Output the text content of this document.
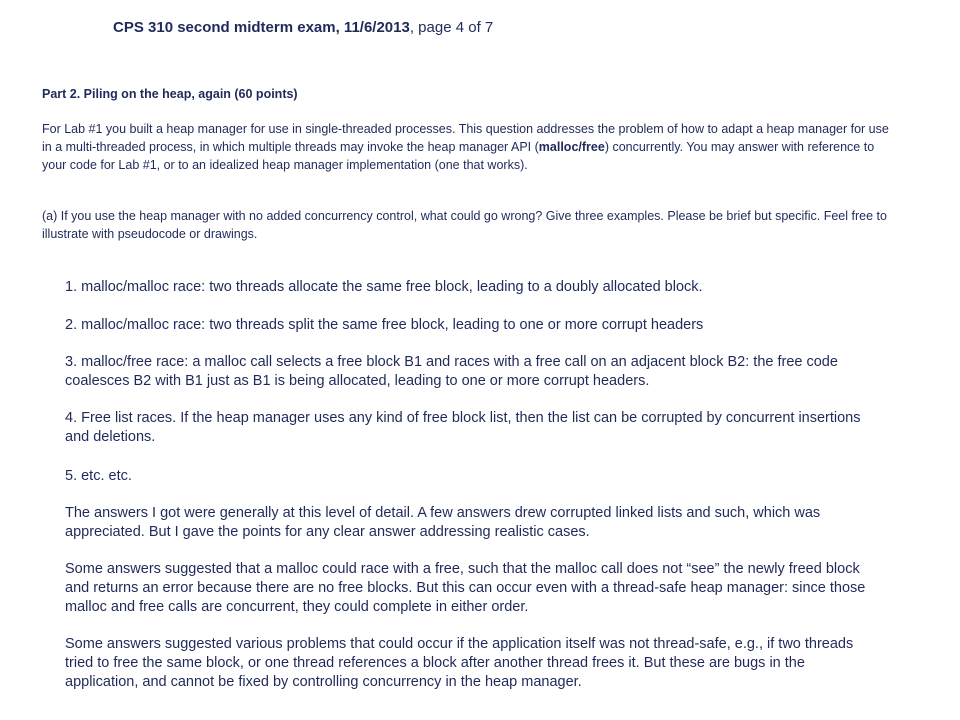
CPS 310 second midterm exam, 11/6/2013, page 4 of 7
Part 2. Piling on the heap, again (60 points)
For Lab #1 you built a heap manager for use in single-threaded processes. This question addresses the problem of how to adapt a heap manager for use in a multi-threaded process, in which multiple threads may invoke the heap manager API (malloc/free) concurrently. You may answer with reference to your code for Lab #1, or to an idealized heap manager implementation (one that works).
(a) If you use the heap manager with no added concurrency control, what could go wrong? Give three examples. Please be brief but specific. Feel free to illustrate with pseudocode or drawings.

1. malloc/malloc race: two threads allocate the same free block, leading to a doubly allocated block.

2. malloc/malloc race: two threads split the same free block, leading to one or more corrupt headers

3. malloc/free race: a malloc call selects a free block B1 and races with a free call on an adjacent block B2: the free code coalesces B2 with B1 just as B1 is being allocated, leading to one or more corrupt headers.

4. Free list races. If the heap manager uses any kind of free block list, then the list can be corrupted by concurrent insertions and deletions.

5. etc. etc.

The answers I got were generally at this level of detail. A few answers drew corrupted linked lists and such, which was appreciated. But I gave the points for any clear answer addressing realistic cases.

Some answers suggested that a malloc could race with a free, such that the malloc call does not “see” the newly freed block and returns an error because there are no free blocks. But this can occur even with a thread-safe heap manager: since those malloc and free calls are concurrent, they could complete in either order.

Some answers suggested various problems that could occur if the application itself was not thread-safe, e.g., if two threads tried to free the same block, or one thread references a block after another thread frees it. But these are bugs in the application, and cannot be fixed by controlling concurrency in the heap manager.
